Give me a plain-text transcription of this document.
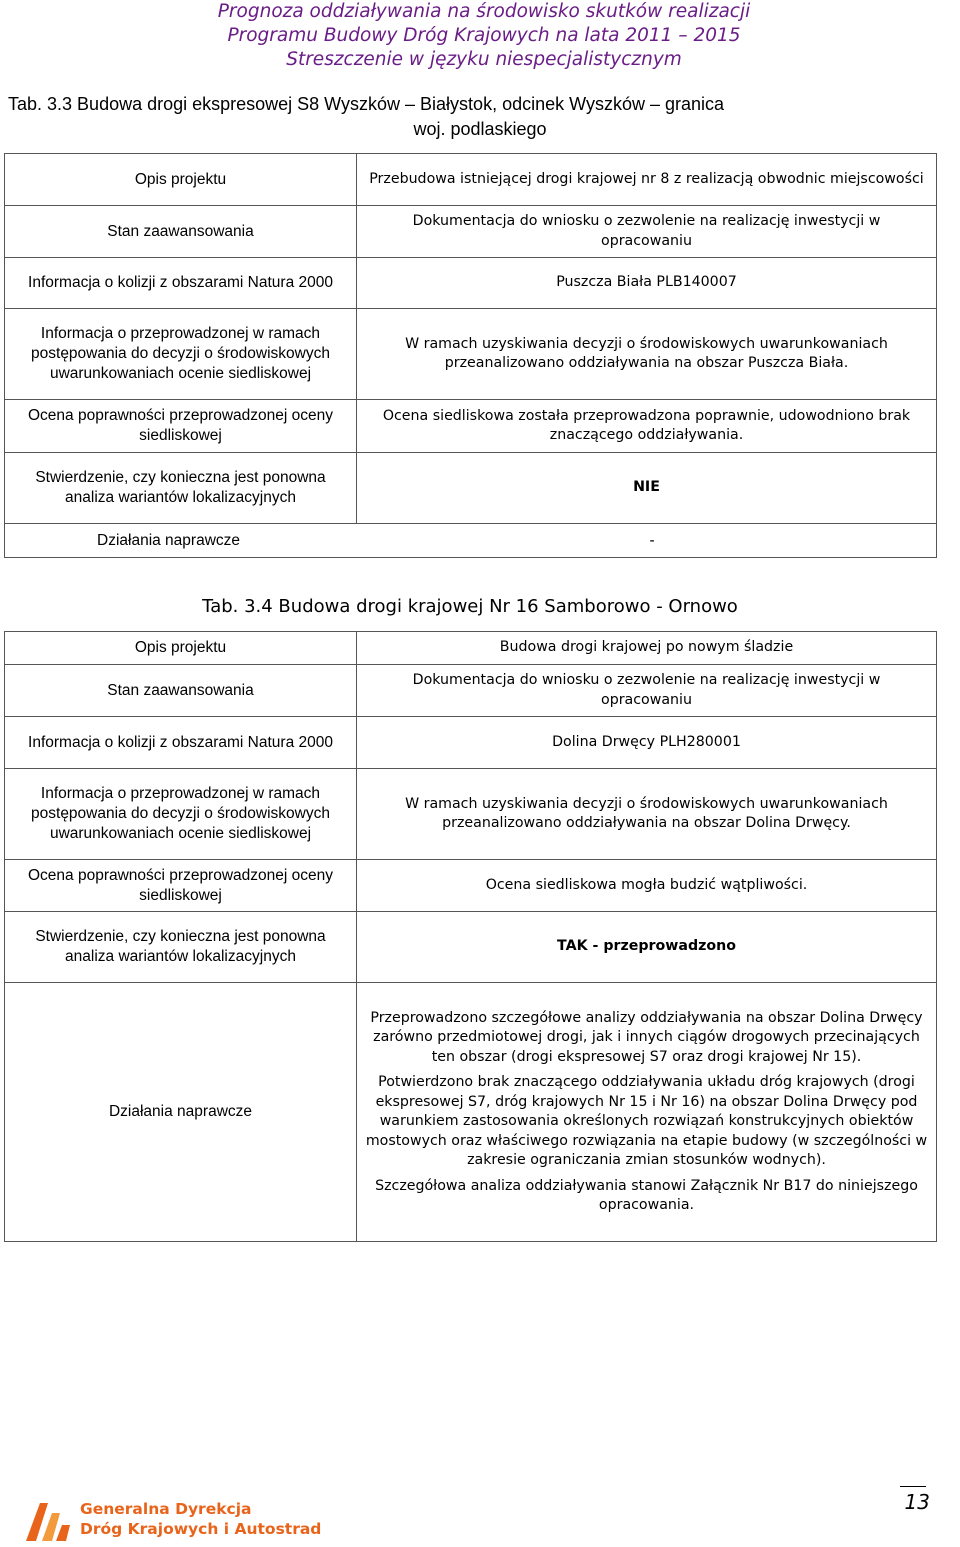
Prognoza oddziaływania na środowisko skutków realizacji
Programu Budowy Dróg Krajowych na lata 2011 – 2015
Streszczenie w języku niespecjalistycznym
Tab. 3.3 Budowa drogi ekspresowej S8 Wyszków – Białystok, odcinek Wyszków – granica
woj. podlaskiego
Opis projektu	Przebudowa istniejącej drogi krajowej nr 8 z realizacją obwodnic miejscowości
Stan zaawansowania	Dokumentacja do wniosku o zezwolenie na realizację inwestycji w opracowaniu
Informacja o kolizji z obszarami Natura 2000	Puszcza Biała PLB140007
Informacja o przeprowadzonej w ramach postępowania do decyzji o środowiskowych uwarunkowaniach ocenie siedliskowej	W ramach uzyskiwania decyzji o środowiskowych uwarunkowaniach przeanalizowano oddziaływania na obszar Puszcza Biała.
Ocena poprawności przeprowadzonej oceny siedliskowej	Ocena siedliskowa została przeprowadzona poprawnie, udowodniono brak znaczącego oddziaływania.
Stwierdzenie, czy konieczna jest ponowna analiza wariantów lokalizacyjnych	NIE
Działania naprawcze -	
Tab. 3.4 Budowa drogi krajowej Nr 16 Samborowo - Ornowo
Opis projektu	Budowa drogi krajowej po nowym śladzie
Stan zaawansowania	Dokumentacja do wniosku o zezwolenie na realizację inwestycji w opracowaniu
Informacja o kolizji z obszarami Natura 2000	Dolina Drwęcy PLH280001
Informacja o przeprowadzonej w ramach postępowania do decyzji o środowiskowych uwarunkowaniach ocenie siedliskowej	W ramach uzyskiwania decyzji o środowiskowych uwarunkowaniach przeanalizowano oddziaływania na obszar Dolina Drwęcy.
Ocena poprawności przeprowadzonej oceny siedliskowej	Ocena siedliskowa mogła budzić wątpliwości.
Stwierdzenie, czy konieczna jest ponowna analiza wariantów lokalizacyjnych	TAK - przeprowadzono
Działania naprawcze	Przeprowadzono szczegółowe analizy oddziaływania na obszar Dolina Drwęcy zarówno przedmiotowej drogi, jak i innych ciągów drogowych przecinających ten obszar (drogi ekspresowej S7 oraz drogi krajowej Nr 15).

Potwierdzono brak znaczącego oddziaływania układu dróg krajowych (drogi ekspresowej S7, dróg krajowych Nr 15 i Nr 16) na obszar Dolina Drwęcy pod warunkiem zastosowania określonych rozwiązań konstrukcyjnych obiektów mostowych oraz właściwego rozwiązania na etapie budowy (w szczególności w zakresie ograniczania zmian stosunków wodnych).

Szczegółowa analiza oddziaływania stanowi Załącznik Nr B17 do niniejszego opracowania.

Generalna Dyrekcja
Dróg Krajowych i Autostrad
13
